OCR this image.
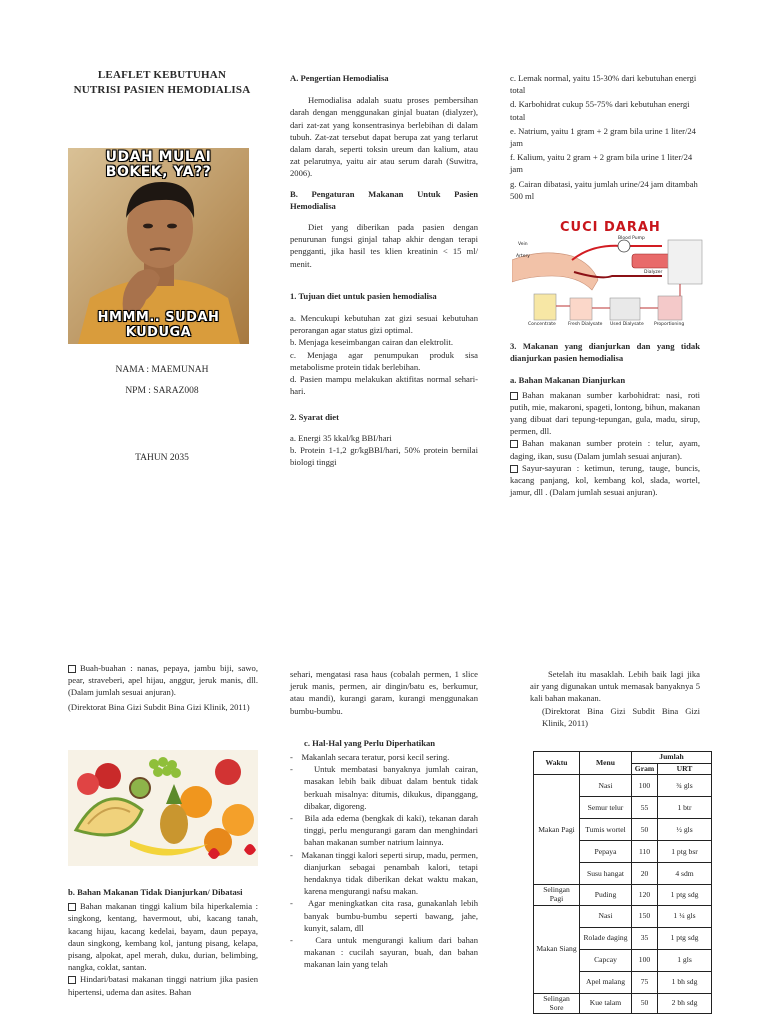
LEAFLET KEBUTUHAN
NUTRISI PASIEN HEMODIALISA
UDAH MULAI BOKEK, YA??
HMMM.. SUDAH KUDUGA
NAMA : MAEMUNAH
NPM : SARAZ008
TAHUN 2035

A. Pengertian Hemodialisa

Hemodialisa adalah suatu proses pembersihan darah dengan menggunakan ginjal buatan (dialyzer), dari zat-zat yang konsentrasinya berlebihan di dalam tubuh. Zat-zat tersebut dapat berupa zat yang terlarut dalam darah, seperti toksin ureum dan kalium, atau zat pelarutnya, yaitu air atau serum darah (Suwitra, 2006).

B. Pengaturan Makanan Untuk Pasien Hemodialisa

Diet yang diberikan pada pasien dengan penurunan fungsi ginjal tahap akhir dengan terapi pengganti, jika hasil tes klien kreatinin < 15 ml/ menit.

1. Tujuan diet untuk pasien hemodialisa

a. Mencukupi kebutuhan zat gizi sesuai kebutuhan perorangan agar status gizi optimal.

b. Menjaga keseimbangan cairan dan elektrolit.

c. Menjaga agar penumpukan produk sisa metabolisme protein tidak berlebihan.

d. Pasien mampu melakukan aktifitas normal sehari-hari.

2. Syarat diet

a. Energi 35 kkal/kg BBI/hari

b. Protein 1-1,2 gr/kgBBI/hari, 50% protein bernilai biologi tinggi

c. Lemak normal, yaitu 15-30% dari kebutuhan energi total

d. Karbohidrat cukup 55-75% dari kebutuhan energi total

e. Natrium, yaitu 1 gram + 2 gram bila urine 1 liter/24 jam

f. Kalium, yaitu 2 gram + 2 gram bila urine 1 liter/24 jam

g. Cairan dibatasi, yaitu jumlah urine/24 jam ditambah 500 ml

CUCI DARAH
Vein
Artery
Blood Pump
Dialyzer
Fresh Dialysate Used Dialysate
Concentrate	Proportioning

3. Makanan yang dianjurkan dan yang tidak dianjurkan pasien hemodialisa

a. Bahan Makanan Dianjurkan

Bahan makanan sumber karbohidrat: nasi, roti putih, mie, makaroni, spageti, lontong, bihun, makanan yang dibuat dari tepung-tepungan, gula, madu, sirup, permen, dll.

Bahan makanan sumber protein : telur, ayam, daging, ikan, susu (Dalam jumlah sesuai anjuran).

Sayur-sayuran : ketimun, terung, tauge, buncis, kacang panjang, kol, kembang kol, slada, wortel, jamur, dll . (Dalam jumlah sesuai anjuran).

Buah-buahan : nanas, pepaya, jambu biji, sawo, pear, straveberi, apel hijau, anggur, jeruk manis, dll. (Dalam jumlah sesuai anjuran).

(Direktorat Bina Gizi Subdit Bina Gizi Klinik, 2011)

b. Bahan Makanan Tidak Dianjurkan/ Dibatasi

Bahan makanan tinggi kalium bila hiperkalemia : singkong, kentang, havermout, ubi, kacang tanah, kacang hijau, kacang kedelai, bayam, daun pepaya, daun singkong, kembang kol, jantung pisang, kelapa, pisang, alpokat, apel merah, duku, durian, belimbing, nangka, coklat, santan.

Hindari/batasi makanan tinggi natrium jika pasien hipertensi, udema dan asites. Bahan

sehari, mengatasi rasa haus (cobalah permen, 1 slice jeruk manis, permen, air dingin/batu es, berkumur, atau mandi), kurangi garam, kurangi menggunakan bumbu-bumbu.

c. Hal-Hal yang Perlu Diperhatikan

-    Makanlah secara teratur, porsi kecil sering.

-    Untuk membatasi banyaknya jumlah cairan, masakan lebih baik dibuat dalam bentuk tidak berkuah misalnya: ditumis, dikukus, dipanggang, dibakar, digoreng.

-    Bila ada edema (bengkak di kaki), tekanan darah tinggi, perlu mengurangi garam dan menghindari bahan makanan sumber natrium lainnya.

-    Makanan tinggi kalori seperti sirup, madu, permen, dianjurkan sebagai penambah kalori, tetapi hendaknya tidak diberikan dekat waktu makan, karena mengurangi nafsu makan.

-    Agar meningkatkan cita rasa, gunakanlah lebih banyak bumbu-bumbu seperti bawang, jahe, kunyit, salam, dll

-    Cara untuk mengurangi kalium dari bahan makanan : cucilah sayuran, buah, dan bahan makanan lain yang telah

Setelah itu masaklah. Lebih baik lagi jika air yang digunakan untuk memasak banyaknya 5 kali bahan makanan.

(Direktorat Bina Gizi Subdit Bina Gizi Klinik, 2011)

Waktu	Menu	Jumlah	
		Gram	URT
Makan Pagi	Nasi	100	¾ gls
	Semur telur	55	1 btr
	Tumis wortel	50	½ gls
	Pepaya	110	1 ptg bsr
	Susu hangat	20	4 sdm
Selingan Pagi	Puding	120	1 ptg sdg
Makan Siang	Nasi	150	1 ¼ gls
	Rolade daging	35	1 ptg sdg
	Capcay	100	1 gls
	Apel malang	75	1 bh sdg
Selingan Sore	Kue talam	50	2 bh sdg
